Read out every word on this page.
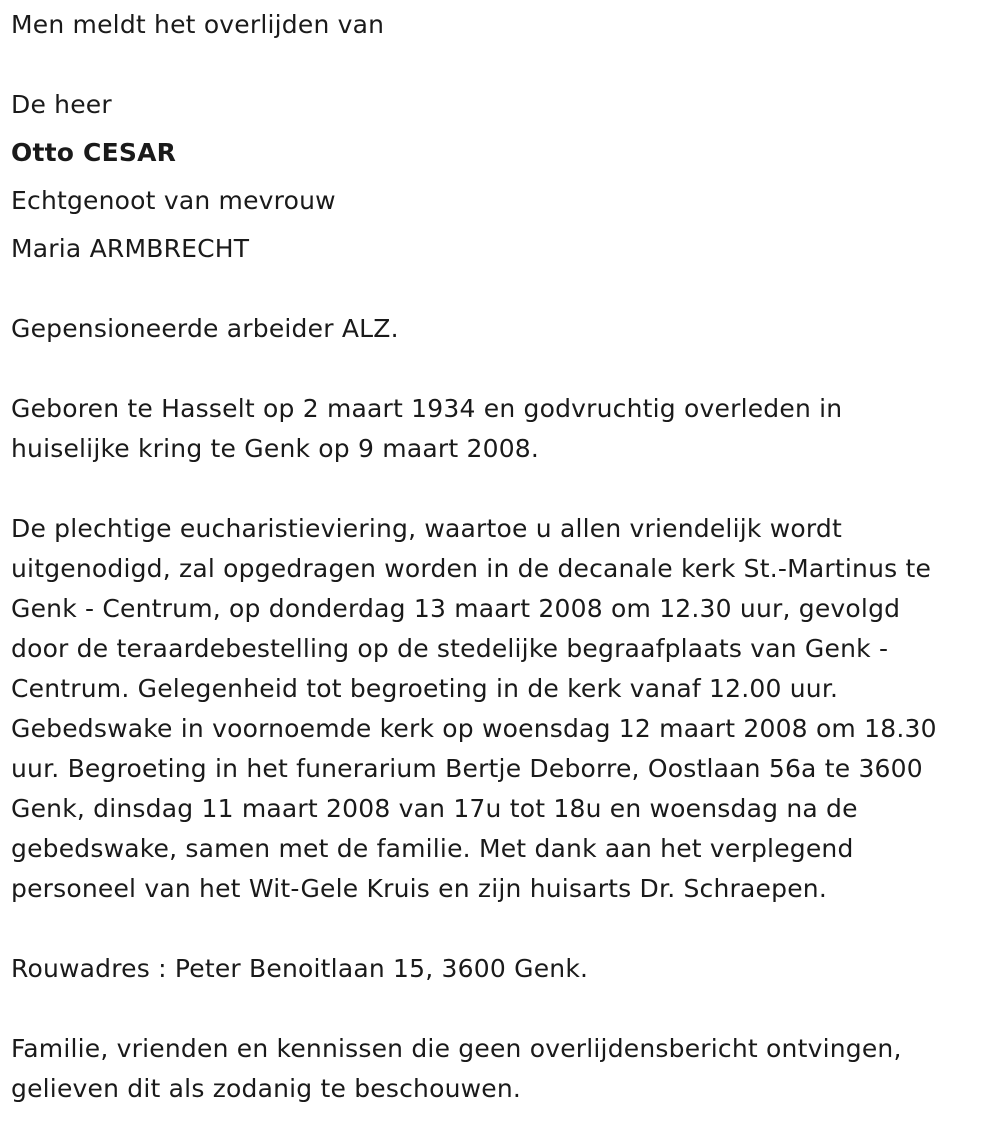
Men meldt het overlijden van
De heer
Otto CESAR
Echtgenoot van mevrouw
Maria ARMBRECHT
Gepensioneerde arbeider ALZ.
Geboren te Hasselt op 2 maart 1934 en godvruchtig overleden in
huiselijke kring te Genk op 9 maart 2008.
De plechtige eucharistieviering, waartoe u allen vriendelijk wordt
uitgenodigd, zal opgedragen worden in de decanale kerk St.-Martinus te
Genk - Centrum, op donderdag 13 maart 2008 om 12.30 uur, gevolgd
door de teraardebestelling op de stedelijke begraafplaats van Genk -
Centrum. Gelegenheid tot begroeting in de kerk vanaf 12.00 uur.
Gebedswake in voornoemde kerk op woensdag 12 maart 2008 om 18.30
uur. Begroeting in het funerarium Bertje Deborre, Oostlaan 56a te 3600
Genk, dinsdag 11 maart 2008 van 17u tot 18u en woensdag na de
gebedswake, samen met de familie. Met dank aan het verplegend
personeel van het Wit-Gele Kruis en zijn huisarts Dr. Schraepen.
Rouwadres : Peter Benoitlaan 15, 3600 Genk.
Familie, vrienden en kennissen die geen overlijdensbericht ontvingen,
gelieven dit als zodanig te beschouwen.
